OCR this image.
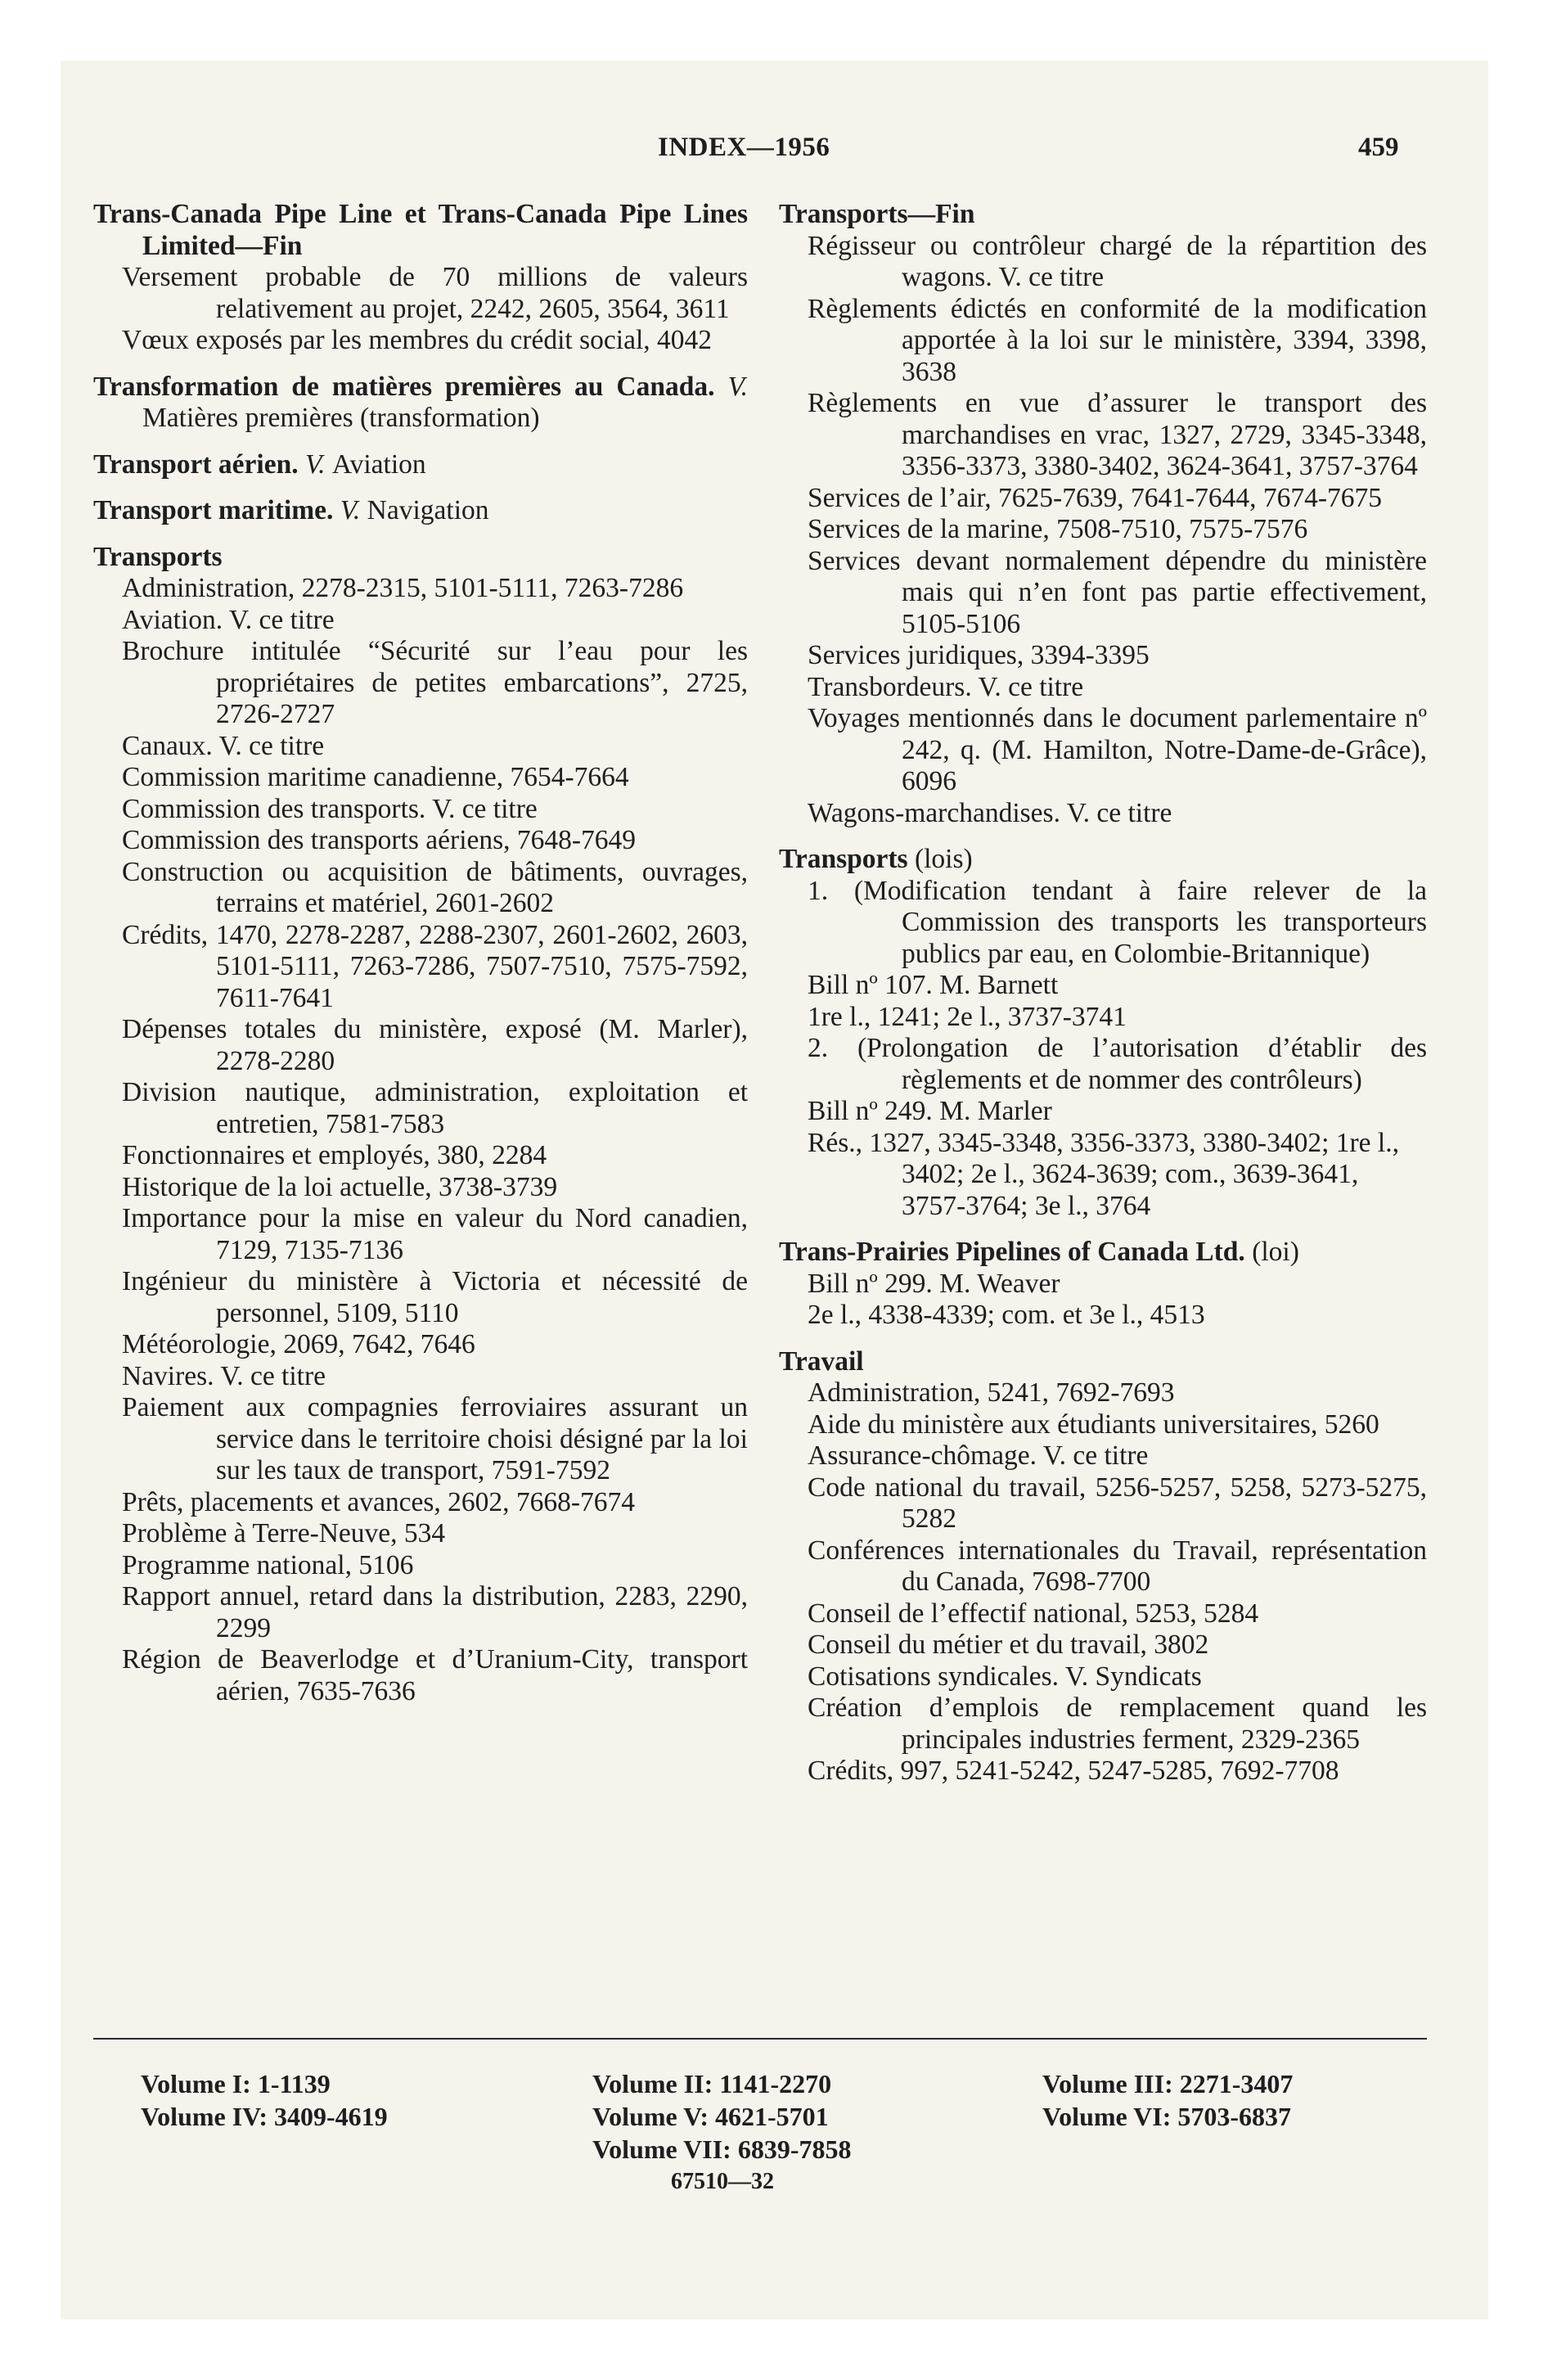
INDEX—1956	459
Trans-Canada Pipe Line et Trans-Canada Pipe Lines Limited—Fin
Versement probable de 70 millions de valeurs relativement au projet, 2242, 2605, 3564, 3611
Vœux exposés par les membres du crédit social, 4042
Transformation de matières premières au Canada. V. Matières premières (transformation)
Transport aérien. V. Aviation
Transport maritime. V. Navigation
Transports
Administration, 2278-2315, 5101-5111, 7263-7286
Aviation. V. ce titre
Brochure intitulée “Sécurité sur l’eau pour les propriétaires de petites embarcations”, 2725, 2726-2727
Canaux. V. ce titre
Commission maritime canadienne, 7654-7664
Commission des transports. V. ce titre
Commission des transports aériens, 7648-7649
Construction ou acquisition de bâtiments, ouvrages, terrains et matériel, 2601-2602
Crédits, 1470, 2278-2287, 2288-2307, 2601-2602, 2603, 5101-5111, 7263-7286, 7507-7510, 7575-7592, 7611-7641
Dépenses totales du ministère, exposé (M. Marler), 2278-2280
Division nautique, administration, exploitation et entretien, 7581-7583
Fonctionnaires et employés, 380, 2284
Historique de la loi actuelle, 3738-3739
Importance pour la mise en valeur du Nord canadien, 7129, 7135-7136
Ingénieur du ministère à Victoria et nécessité de personnel, 5109, 5110
Météorologie, 2069, 7642, 7646
Navires. V. ce titre
Paiement aux compagnies ferroviaires assurant un service dans le territoire choisi désigné par la loi sur les taux de transport, 7591-7592
Prêts, placements et avances, 2602, 7668-7674
Problème à Terre-Neuve, 534
Programme national, 5106
Rapport annuel, retard dans la distribution, 2283, 2290, 2299
Région de Beaverlodge et d’Uranium-City, transport aérien, 7635-7636
Transports—Fin
Régisseur ou contrôleur chargé de la répartition des wagons. V. ce titre
Règlements édictés en conformité de la modification apportée à la loi sur le ministère, 3394, 3398, 3638
Règlements en vue d’assurer le transport des marchandises en vrac, 1327, 2729, 3345-3348, 3356-3373, 3380-3402, 3624-3641, 3757-3764
Services de l’air, 7625-7639, 7641-7644, 7674-7675
Services de la marine, 7508-7510, 7575-7576
Services devant normalement dépendre du ministère mais qui n’en font pas partie effectivement, 5105-5106
Services juridiques, 3394-3395
Transbordeurs. V. ce titre
Voyages mentionnés dans le document parlementaire nº 242, q. (M. Hamilton, Notre-Dame-de-Grâce), 6096
Wagons-marchandises. V. ce titre
Transports (lois)
1. (Modification tendant à faire relever de la Commission des transports les transporteurs publics par eau, en Colombie-Britannique)
Bill nº 107. M. Barnett
1re l., 1241; 2e l., 3737-3741
2. (Prolongation de l’autorisation d’établir des règlements et de nommer des contrôleurs)
Bill nº 249. M. Marler
Rés., 1327, 3345-3348, 3356-3373, 3380-3402; 1re l., 3402; 2e l., 3624-3639; com., 3639-3641, 3757-3764; 3e l., 3764
Trans-Prairies Pipelines of Canada Ltd. (loi)
Bill nº 299. M. Weaver
2e l., 4338-4339; com. et 3e l., 4513
Travail
Administration, 5241, 7692-7693
Aide du ministère aux étudiants universitaires, 5260
Assurance-chômage. V. ce titre
Code national du travail, 5256-5257, 5258, 5273-5275, 5282
Conférences internationales du Travail, représentation du Canada, 7698-7700
Conseil de l’effectif national, 5253, 5284
Conseil du métier et du travail, 3802
Cotisations syndicales. V. Syndicats
Création d’emplois de remplacement quand les principales industries ferment, 2329-2365
Crédits, 997, 5241-5242, 5247-5285, 7692-7708
Volume I: 1-1139
Volume IV: 3409-4619
Volume II: 1141-2270
Volume V: 4621-5701
Volume III: 2271-3407
Volume VI: 5703-6837
Volume VII: 6839-7858
67510—32
